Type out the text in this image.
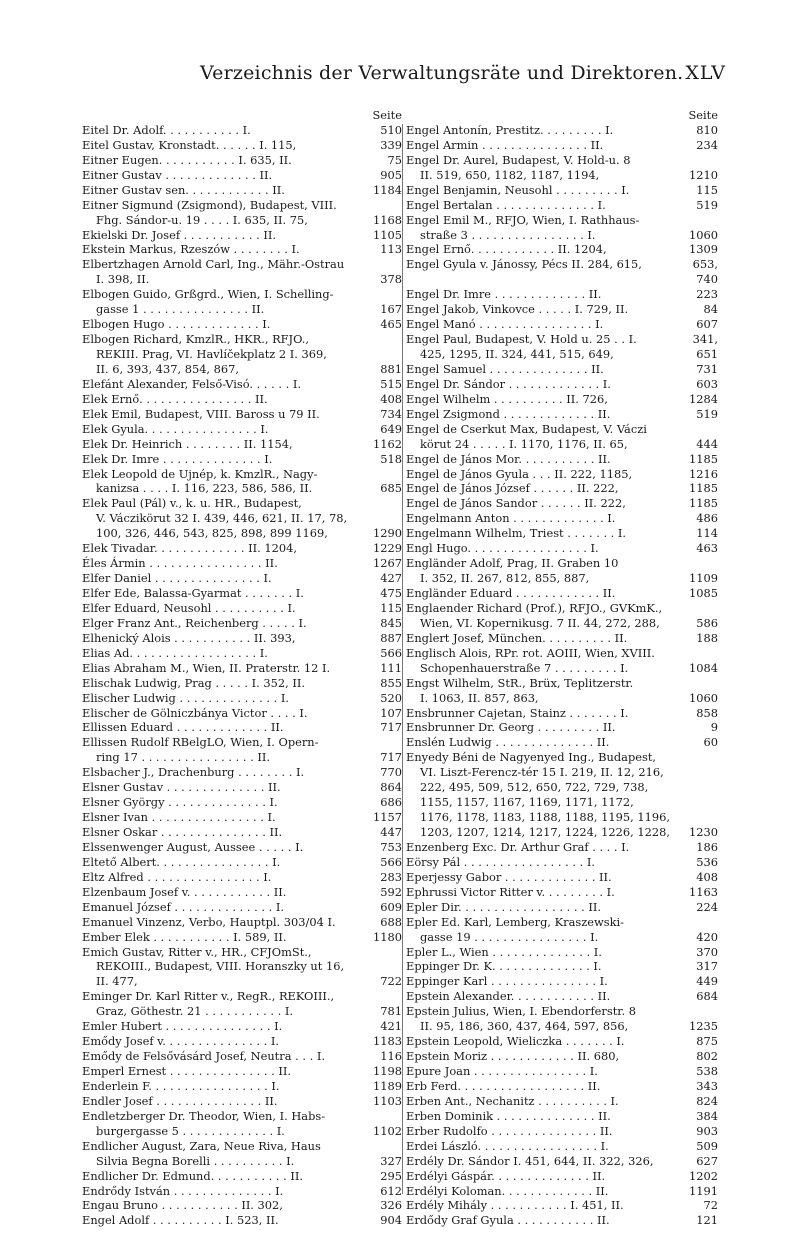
Verzeichnis der Verwaltungsräte und Direktoren. XLV
Seite
Eitel Dr. Adolf. . . . . . . . . . . I.	510
Eitel Gustav, Kronstadt. . . . . . I. 115,	339
Eitner Eugen. . . . . . . . . . . I. 635, II.	75
Eitner Gustav . . . . . . . . . . . . . II.	905
Eitner Gustav sen. . . . . . . . . . . . II.	1184
Eitner Sigmund (Zsigmond), Budapest, VIII.
Fhg. Sándor-u. 19 . . . . I. 635, II. 75,	1168
Ekielski Dr. Josef . . . . . . . . . . . II.	1105
Ekstein Markus, Rzeszów . . . . . . . . I.	113
Elbertzhagen Arnold Carl, Ing., Mähr.-Ostrau
I. 398, II.	378
Elbogen Guido, Grßgrd., Wien, I. Schelling-
gasse 1 . . . . . . . . . . . . . . . II.	167
Elbogen Hugo . . . . . . . . . . . . . I.	465
Elbogen Richard, KmzlR., HKR., RFJO.,
REKIII. Prag, VI. Havlíčekplatz 2 I. 369,
II. 6, 393, 437, 854, 867,	881
Elefánt Alexander, Felső-Visó. . . . . . I.	515
Elek Ernő. . . . . . . . . . . . . . . . II.	408
Elek Emil, Budapest, VIII. Baross u 79 II.	734
Elek Gyula. . . . . . . . . . . . . . . . I.	649
Elek Dr. Heinrich . . . . . . . . II. 1154,	1162
Elek Dr. Imre . . . . . . . . . . . . . . I.	518
Elek Leopold de Ujnép, k. KmzlR., Nagy-
kanizsa . . . . I. 116, 223, 586, 586, II.	685
Elek Paul (Pál) v., k. u. HR., Budapest,
V. Váczikörut 32 I. 439, 446, 621, II. 17, 78,
100, 326, 446, 543, 825, 898, 899 1169,	1290
Elek Tivadar. . . . . . . . . . . . . II. 1204,	1229
Éles Ármin . . . . . . . . . . . . . . . . II.	1267
Elfer Daniel . . . . . . . . . . . . . . . I.	427
Elfer Ede, Balassa-Gyarmat . . . . . . . I.	475
Elfer Eduard, Neusohl . . . . . . . . . . I.	115
Elger Franz Ant., Reichenberg . . . . . I.	845
Elhenický Alois . . . . . . . . . . . II. 393,	887
Elias Ad. . . . . . . . . . . . . . . . . . I.	566
Elias Abraham M., Wien, II. Praterstr. 12 I.	111
Elischak Ludwig, Prag . . . . . I. 352, II.	855
Elischer Ludwig . . . . . . . . . . . . . . I.	520
Elischer de Gölniczbánya Victor . . . . I.	107
Ellissen Eduard . . . . . . . . . . . . . II.	717
Ellissen Rudolf RBelgLO, Wien, I. Opern-
ring 17 . . . . . . . . . . . . . . . . II.	717
Elsbacher J., Drachenburg . . . . . . . . I.	770
Elsner Gustav . . . . . . . . . . . . . . II.	864
Elsner György . . . . . . . . . . . . . . I.	686
Elsner Ivan . . . . . . . . . . . . . . . . I.	1157
Elsner Oskar . . . . . . . . . . . . . . . II.	447
Elssenwenger August, Aussee . . . . . I.	753
Eltető Albert. . . . . . . . . . . . . . . . I.	566
Eltz Alfred . . . . . . . . . . . . . . . . I.	283
Elzenbaum Josef v. . . . . . . . . . . . II.	592
Emanuel József . . . . . . . . . . . . . . I.	609
Emanuel Vinzenz, Verbo, Hauptpl. 303/04 I.	688
Ember Elek . . . . . . . . . . . I. 589, II.	1180
Emich Gustav, Ritter v., HR., CFJOmSt.,
REKOIII., Budapest, VIII. Horanszky ut 16,
II. 477,	722
Eminger Dr. Karl Ritter v., RegR., REKOIII.,
Graz, Göthestr. 21 . . . . . . . . . . . I.	781
Emler Hubert . . . . . . . . . . . . . . . I.	421
Emődy Josef v. . . . . . . . . . . . . . . I.	1183
Emődy de Felsővásárd Josef, Neutra . . . I.	116
Emperl Ernest . . . . . . . . . . . . . . . II.	1198
Enderlein F. . . . . . . . . . . . . . . . . I.	1189
Endler Josef . . . . . . . . . . . . . . . II.	1103
Endletzberger Dr. Theodor, Wien, I. Habs-
burgergasse 5 . . . . . . . . . . . . . I.	1102
Endlicher August, Zara, Neue Riva, Haus
Silvia Begna Borelli . . . . . . . . . . I.	327
Endlicher Dr. Edmund. . . . . . . . . . . II.	295
Endrődy István . . . . . . . . . . . . . . I.	612
Engau Bruno . . . . . . . . . . . II. 302,	326
Engel Adolf . . . . . . . . . . I. 523, II.	904
Seite
Engel Antonín, Prestitz. . . . . . . . . I.	810
Engel Armin . . . . . . . . . . . . . . . II.	234
Engel Dr. Aurel, Budapest, V. Hold-u. 8
II. 519, 650, 1182, 1187, 1194,	1210
Engel Benjamin, Neusohl . . . . . . . . . I.	115
Engel Bertalan . . . . . . . . . . . . . . I.	519
Engel Emil M., RFJO, Wien, I. Rathhaus-
straße 3 . . . . . . . . . . . . . . . . I.	1060
Engel Ernő. . . . . . . . . . . . II. 1204,	1309
Engel Gyula v. Jánossy, Pécs II. 284, 615,	653,
740
Engel Dr. Imre . . . . . . . . . . . . . II.	223
Engel Jakob, Vinkovce . . . . . I. 729, II.	84
Engel Manó . . . . . . . . . . . . . . . . I.	607
Engel Paul, Budapest, V. Hold u. 25 . . I.	341,
425, 1295, II. 324, 441, 515, 649,	651
Engel Samuel . . . . . . . . . . . . . . II.	731
Engel Dr. Sándor . . . . . . . . . . . . . I.	603
Engel Wilhelm . . . . . . . . . . II. 726,	1284
Engel Zsigmond . . . . . . . . . . . . . II.	519
Engel de Cserkut Max, Budapest, V. Váczi
körut 24 . . . . . I. 1170, 1176, II. 65,	444
Engel de János Mor. . . . . . . . . . . II.	1185
Engel de János Gyula . . . II. 222, 1185,	1216
Engel de János József . . . . . . II. 222,	1185
Engel de János Sandor . . . . . . II. 222,	1185
Engelmann Anton . . . . . . . . . . . . . I.	486
Engelmann Wilhelm, Triest . . . . . . . I.	114
Engl Hugo. . . . . . . . . . . . . . . . . I.	463
Engländer Adolf, Prag, II. Graben 10
I. 352, II. 267, 812, 855, 887,	1109
Engländer Eduard . . . . . . . . . . . . II.	1085
Englaender Richard (Prof.), RFJO., GVKmK.,
Wien, VI. Kopernikusg. 7 II. 44, 272, 288,	586
Englert Josef, München. . . . . . . . . . II.	188
Englisch Alois, RPr. rot. AOIII, Wien, XVIII.
Schopenhauerstraße 7 . . . . . . . . . I.	1084
Engst Wilhelm, StR., Brüx, Teplitzerstr.
I. 1063, II. 857, 863,	1060
Ensbrunner Cajetan, Stainz . . . . . . . I.	858
Ensbrunner Dr. Georg . . . . . . . . . II.	9
Enslén Ludwig . . . . . . . . . . . . . . II.	60
Enyedy Béni de Nagyenyed Ing., Budapest,
VI. Liszt-Ferencz-tér 15 I. 219, II. 12, 216,
222, 495, 509, 512, 650, 722, 729, 738,
1155, 1157, 1167, 1169, 1171, 1172,
1176, 1178, 1183, 1188, 1188, 1195, 1196,
1203, 1207, 1214, 1217, 1224, 1226, 1228, 1230
Enzenberg Exc. Dr. Arthur Graf . . . . I.	186
Eörsy Pál . . . . . . . . . . . . . . . . . I.	536
Eperjessy Gabor . . . . . . . . . . . . . II.	408
Ephrussi Victor Ritter v. . . . . . . . . I.	1163
Epler Dir. . . . . . . . . . . . . . . . . . II.	224
Epler Ed. Karl, Lemberg, Kraszewski-
gasse 19 . . . . . . . . . . . . . . . . I.	420
Epler L., Wien . . . . . . . . . . . . . . I.	370
Eppinger Dr. K. . . . . . . . . . . . . . I.	317
Eppinger Karl . . . . . . . . . . . . . . . I.	449
Epstein Alexander. . . . . . . . . . . . II.	684
Epstein Julius, Wien, I. Ebendorferstr. 8
II. 95, 186, 360, 437, 464, 597, 856,	1235
Epstein Leopold, Wieliczka . . . . . . . I.	875
Epstein Moriz . . . . . . . . . . . . II. 680,	802
Epure Joan . . . . . . . . . . . . . . . . I.	538
Erb Ferd. . . . . . . . . . . . . . . . . . II.	343
Erben Ant., Nechanitz . . . . . . . . . . I.	824
Erben Dominik . . . . . . . . . . . . . . II.	384
Erber Rudolfo . . . . . . . . . . . . . . . II.	903
Erdei László. . . . . . . . . . . . . . . . . I.	509
Erdély Dr. Sándor I. 451, 644, II. 322, 326,	627
Erdélyi Gáspár. . . . . . . . . . . . . . II.	1202
Erdélyi Koloman. . . . . . . . . . . . . II.	1191
Erdély Mihály . . . . . . . . . . . I. 451, II.	72
Erdődy Graf Gyula . . . . . . . . . . . II.	121
